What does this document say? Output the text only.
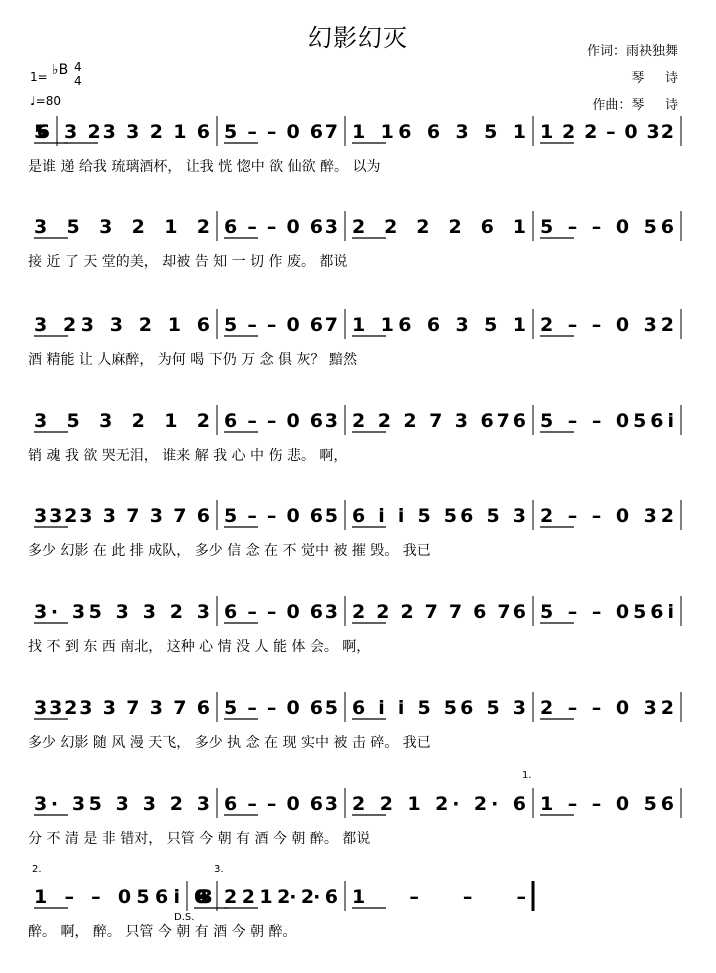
幻影幻灭	作词：雨袂独舞
琴     诗
作曲：琴     诗
1= ♭B 4
4
♩=80
56 3 23 3 2 1 6 5 – – 0 67 1 16 6 3 5 1 1 2 2 – 0 32
是谁 递 给我 琉璃酒杯， 让我 恍 惚中 欲 仙欲 醉。 以为
3 5 3 2 1 2 6 – – 0 63 2 2 2 2 6 1 5 – – 0 56
接 近 了 天 堂的美， 却被 告 知 一 切 作 废。 都说
3 23 3 2 1 6 5 – – 0 67 1 16 6 3 5 1 2 – – 0 32
酒 精能 让 人麻醉， 为何 喝 下仍 万 念 俱 灰？ 黯然
3 5 3 2 1 2 6 – – 0 63 2 2 2 7 3 676 5 – – 056i
销 魂 我 欲 哭无泪， 谁来 解 我 心 中 伤 悲。 啊，
3323 3 7 3 7 6 5 – – 0 65 6 i i 5 56 5 3 2 – – 0 32
多少 幻影 在 此 排 成队， 多少 信 念 在 不 觉中 被 摧 毁。 我已
3· 35 3 3 2 3 6 – – 0 63 2 2 2 7 7 6 76 5 – – 056i
找 不 到 东 西 南北， 这种 心 情 没 人 能 体 会。 啊，
3323 3 7 3 7 6 5 – – 0 65 6 i i 5 56 5 3 2 – – 0 32
多少 幻影 随 风 漫 天飞， 多少 执 念 在 现 实中 被 击 碎。 我已
3· 35 3 3 2 3 6 – – 0 63 2 2 1 2· 2· 6 1 – – 0 56
分 不 清 是 非 错对， 只管 今 朝 有 酒 今 朝 醉。 都说
1 – – 056i 1 – – 0 63 2 2 1 2· 2· 6 1 – – –
醉。 啊， 醉。 只管 今 朝 有 酒 今 朝 醉。
1.
2.	3.
D.S.
